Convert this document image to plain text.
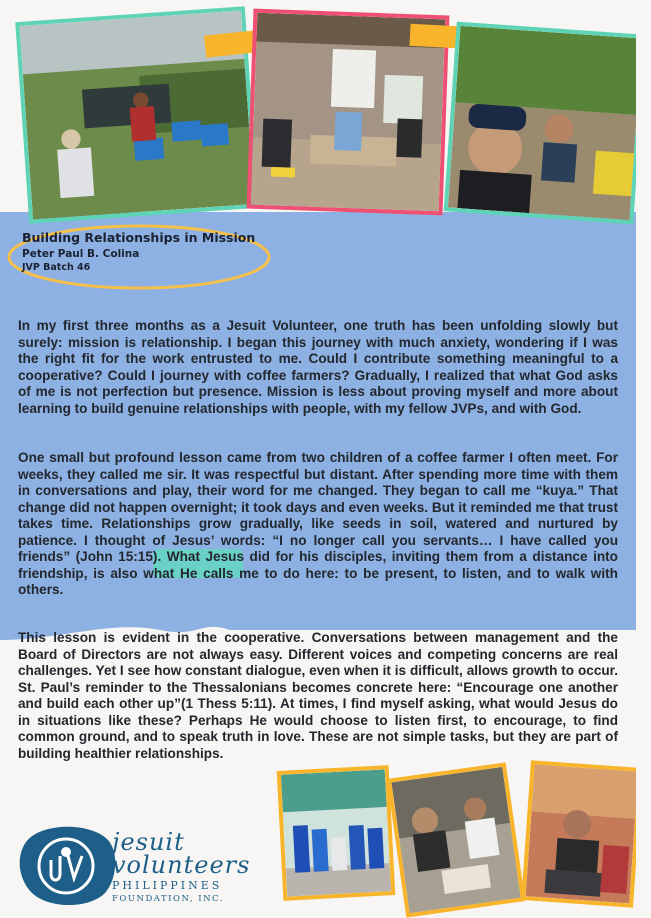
Building Relationships in Mission

Peter Paul B. Colina

JVP Batch 46

In my first three months as a Jesuit Volunteer, one truth has been unfolding slowly but surely: mission is relationship. I began this journey with much anxiety, wondering if I was the right fit for the work entrusted to me. Could I contribute something meaningful to a cooperative? Could I journey with coffee farmers? Gradually, I realized that what God asks of me is not perfection but presence. Mission is less about proving myself and more about learning to build genuine relationships with people, with my fellow JVPs, and with God.

One small but profound lesson came from two children of a coffee farmer I often meet. For weeks, they called me sir. It was respectful but distant. After spending more time with them in conversations and play, their word for me changed. They began to call me “kuya.” That change did not happen overnight; it took days and even weeks. But it reminded me that trust takes time. Relationships grow gradually, like seeds in soil, watered and nurtured by patience. I thought of Jesus’ words: “I no longer call you servants… I have called you friends” (John 15:15). What Jesus did for his disciples, inviting them from a distance into friendship, is also what He calls me to do here: to be present, to listen, and to walk with others.

This lesson is evident in the cooperative. Conversations between management and the Board of Directors are not always easy. Different voices and competing concerns are real challenges. Yet I see how constant dialogue, even when it is difficult, allows growth to occur. St. Paul’s reminder to the Thessalonians becomes concrete here: “Encourage one another and build each other up”(1 Thess 5:11). At times, I find myself asking, what would Jesus do in situations like these? Perhaps He would choose to listen first, to encourage, to find common ground, and to speak truth in love. These are not simple tasks, but they are part of building healthier relationships.

jesuit
volunteers
PHILIPPINES
FOUNDATION, INC.
